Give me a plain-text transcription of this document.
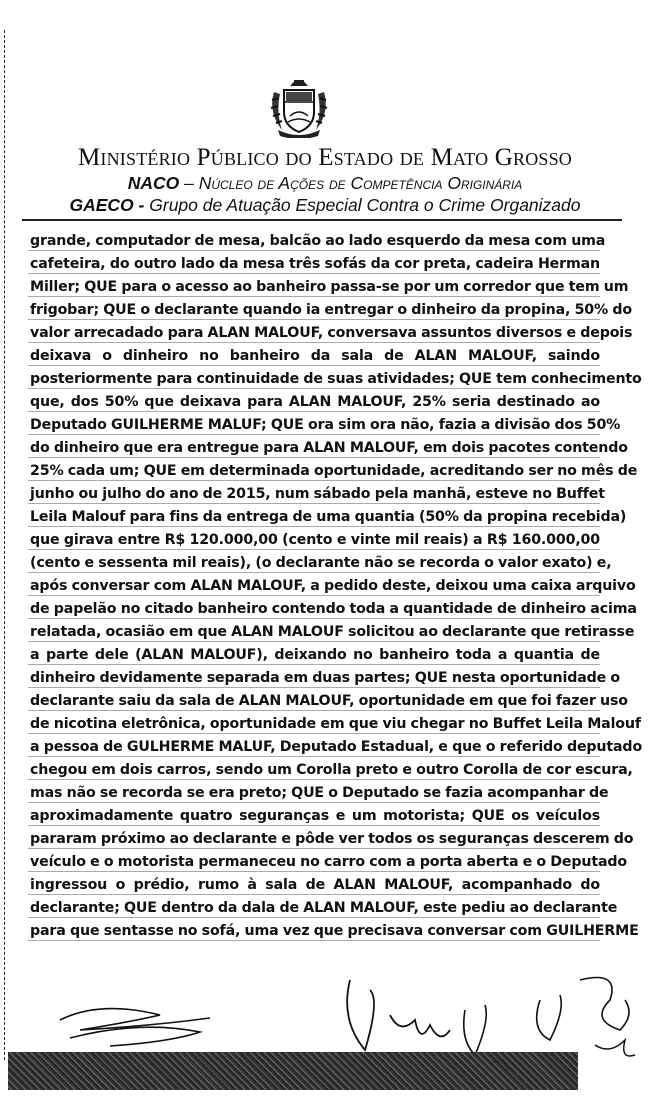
Ministério Público do Estado de Mato Grosso
NACO – Núcleo de Ações de Competência Originária
GAECO - Grupo de Atuação Especial Contra o Crime Organizado
grande, computador de mesa, balcão ao lado esquerdo da mesa com uma
cafeteira, do outro lado da mesa três sofás da cor preta, cadeira Herman
Miller; QUE para o acesso ao banheiro passa-se por um corredor que tem um
frigobar; QUE o declarante quando ia entregar o dinheiro da propina, 50% do
valor arrecadado para ALAN MALOUF, conversava assuntos diversos e depois
deixava o dinheiro no banheiro da sala de ALAN MALOUF, saindo
posteriormente para continuidade de suas atividades; QUE tem conhecimento
que, dos 50% que deixava para ALAN MALOUF, 25% seria destinado ao
Deputado GUILHERME MALUF; QUE ora sim ora não, fazia a divisão dos 50%
do dinheiro que era entregue para ALAN MALOUF, em dois pacotes contendo
25% cada um; QUE em determinada oportunidade, acreditando ser no mês de
junho ou julho do ano de 2015, num sábado pela manhã, esteve no Buffet
Leila Malouf para fins da entrega de uma quantia (50% da propina recebida)
que girava entre R$ 120.000,00 (cento e vinte mil reais) a R$ 160.000,00
(cento e sessenta mil reais), (o declarante não se recorda o valor exato) e,
após conversar com ALAN MALOUF, a pedido deste, deixou uma caixa arquivo
de papelão no citado banheiro contendo toda a quantidade de dinheiro acima
relatada, ocasião em que ALAN MALOUF solicitou ao declarante que retirasse
a parte dele (ALAN MALOUF), deixando no banheiro toda a quantia de
dinheiro devidamente separada em duas partes; QUE nesta oportunidade o
declarante saiu da sala de ALAN MALOUF, oportunidade em que foi fazer uso
de nicotina eletrônica, oportunidade em que viu chegar no Buffet Leila Malouf
a pessoa de GULHERME MALUF, Deputado Estadual, e que o referido deputado
chegou em dois carros, sendo um Corolla preto e outro Corolla de cor escura,
mas não se recorda se era preto; QUE o Deputado se fazia acompanhar de
aproximadamente quatro seguranças e um motorista; QUE os veículos
pararam próximo ao declarante e pôde ver todos os seguranças descerem do
veículo e o motorista permaneceu no carro com a porta aberta e o Deputado
ingressou o prédio, rumo à sala de ALAN MALOUF, acompanhado do
declarante; QUE dentro da dala de ALAN MALOUF, este pediu ao declarante
para que sentasse no sofá, uma vez que precisava conversar com GUILHERME
